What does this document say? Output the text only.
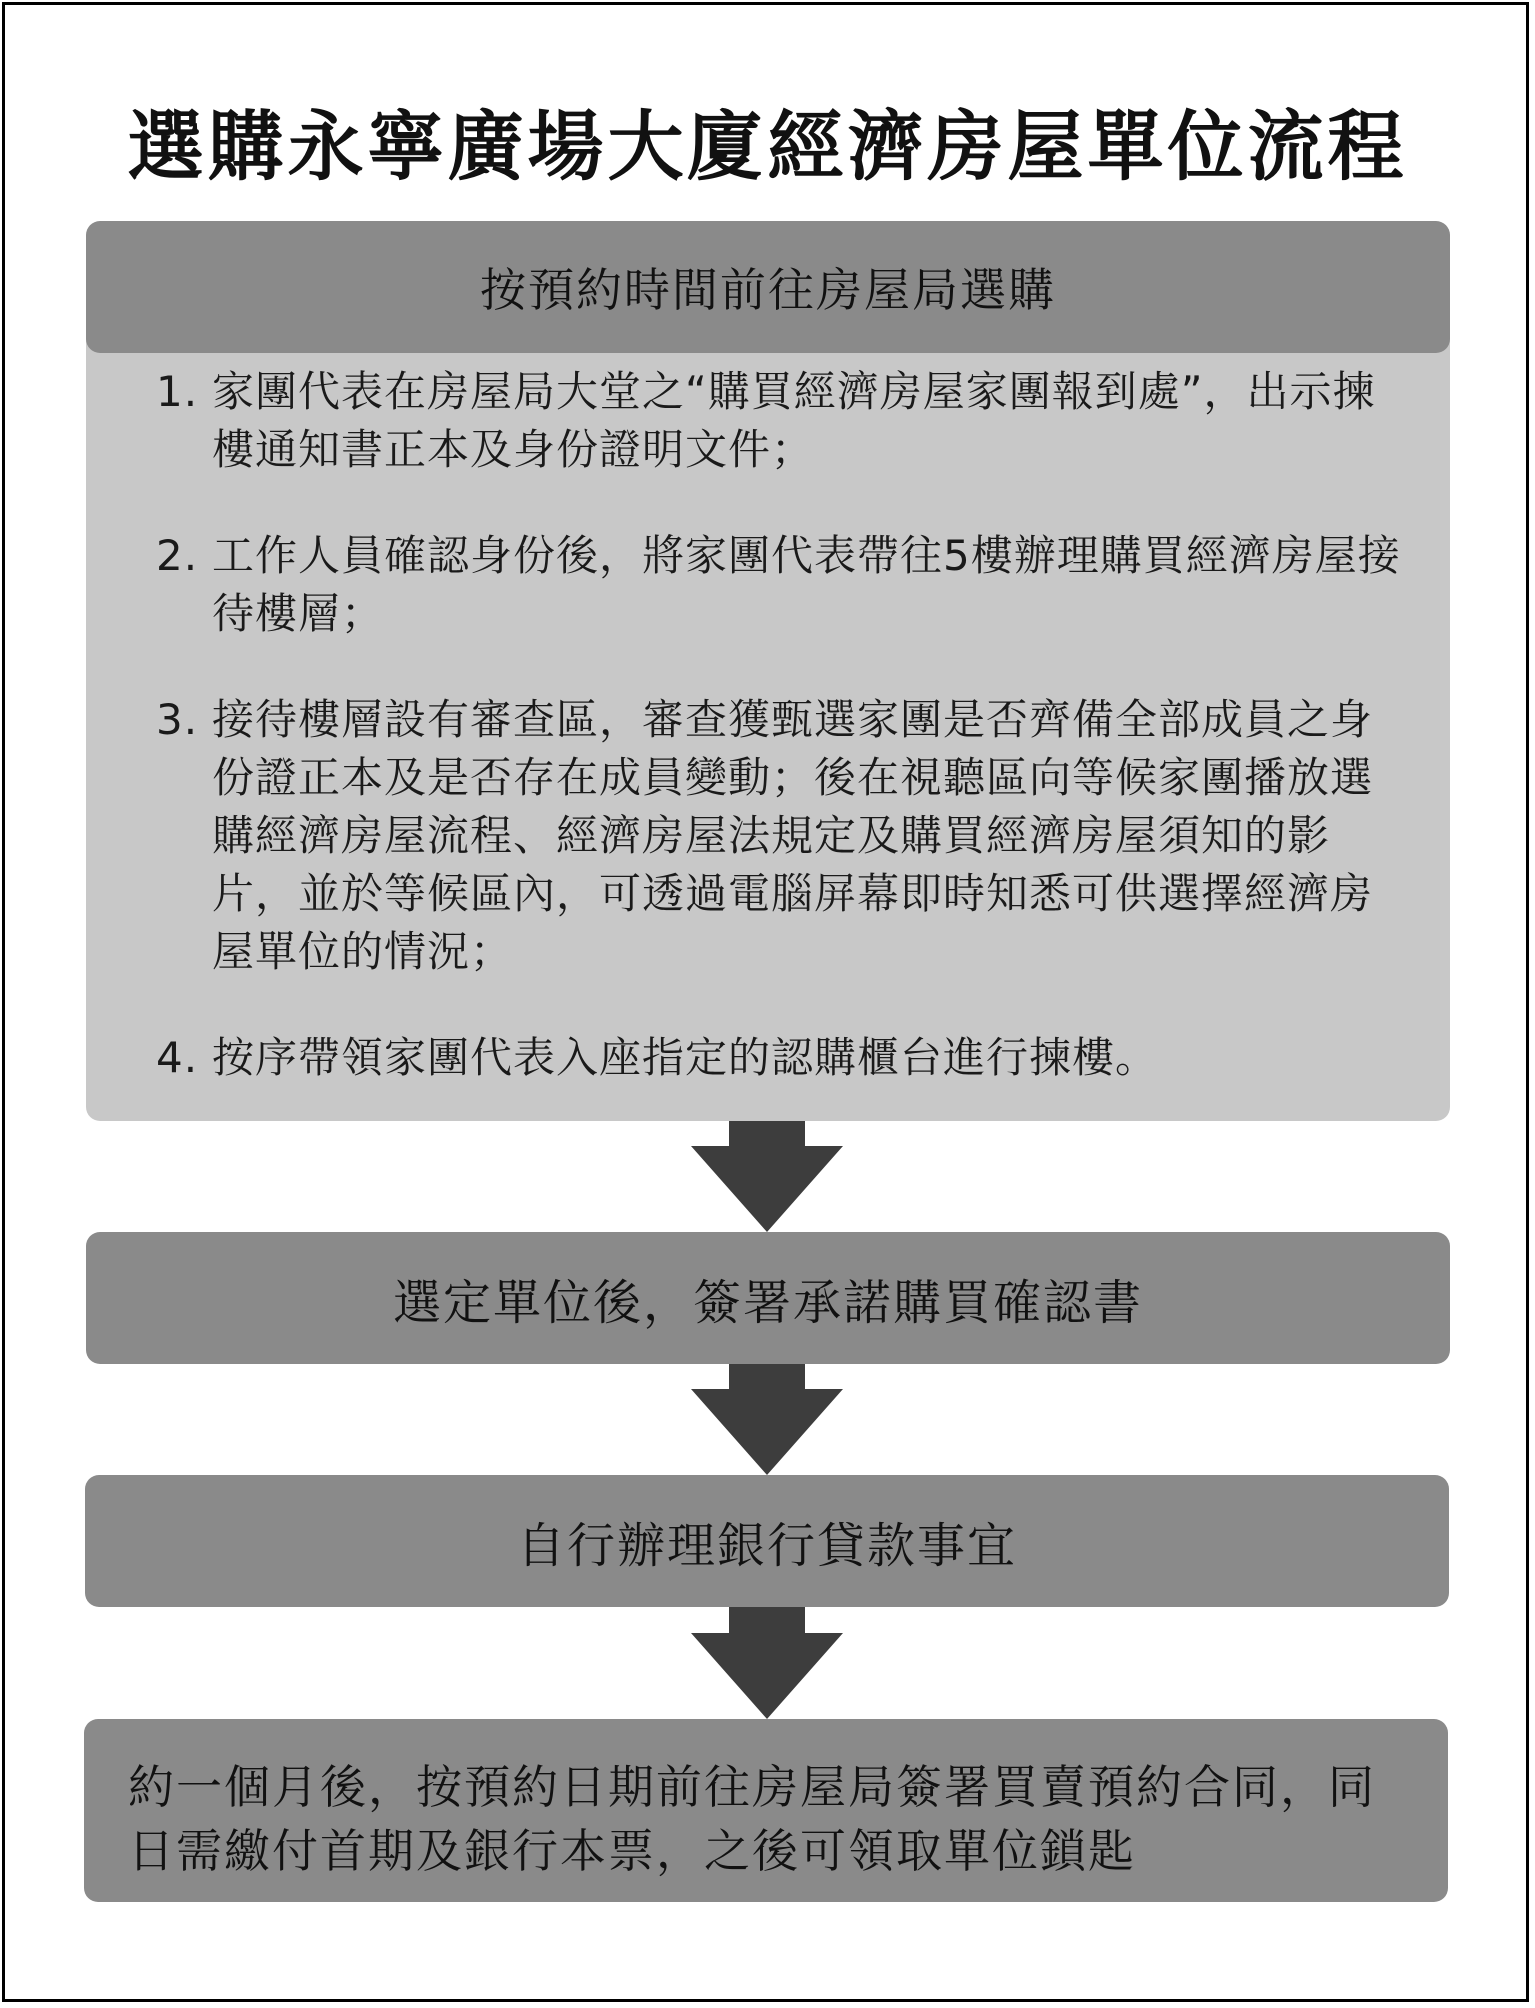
選購永寧廣場大廈經濟房屋單位流程
按預約時間前往房屋局選購
1. 家團代表在房屋局大堂之“購買經濟房屋家團報到處”，出示揀樓通知書正本及身份證明文件；
2. 工作人員確認身份後，將家團代表帶往5樓辦理購買經濟房屋接待樓層；
3. 接待樓層設有審查區，審查獲甄選家團是否齊備全部成員之身份證正本及是否存在成員變動；後在視聽區向等候家團播放選購經濟房屋流程、經濟房屋法規定及購買經濟房屋須知的影片，並於等候區內，可透過電腦屏幕即時知悉可供選擇經濟房屋單位的情況；
4. 按序帶領家團代表入座指定的認購櫃台進行揀樓。
選定單位後，簽署承諾購買確認書
自行辦理銀行貸款事宜
約一個月後，按預約日期前往房屋局簽署買賣預約合同，同日需繳付首期及銀行本票，之後可領取單位鎖匙
